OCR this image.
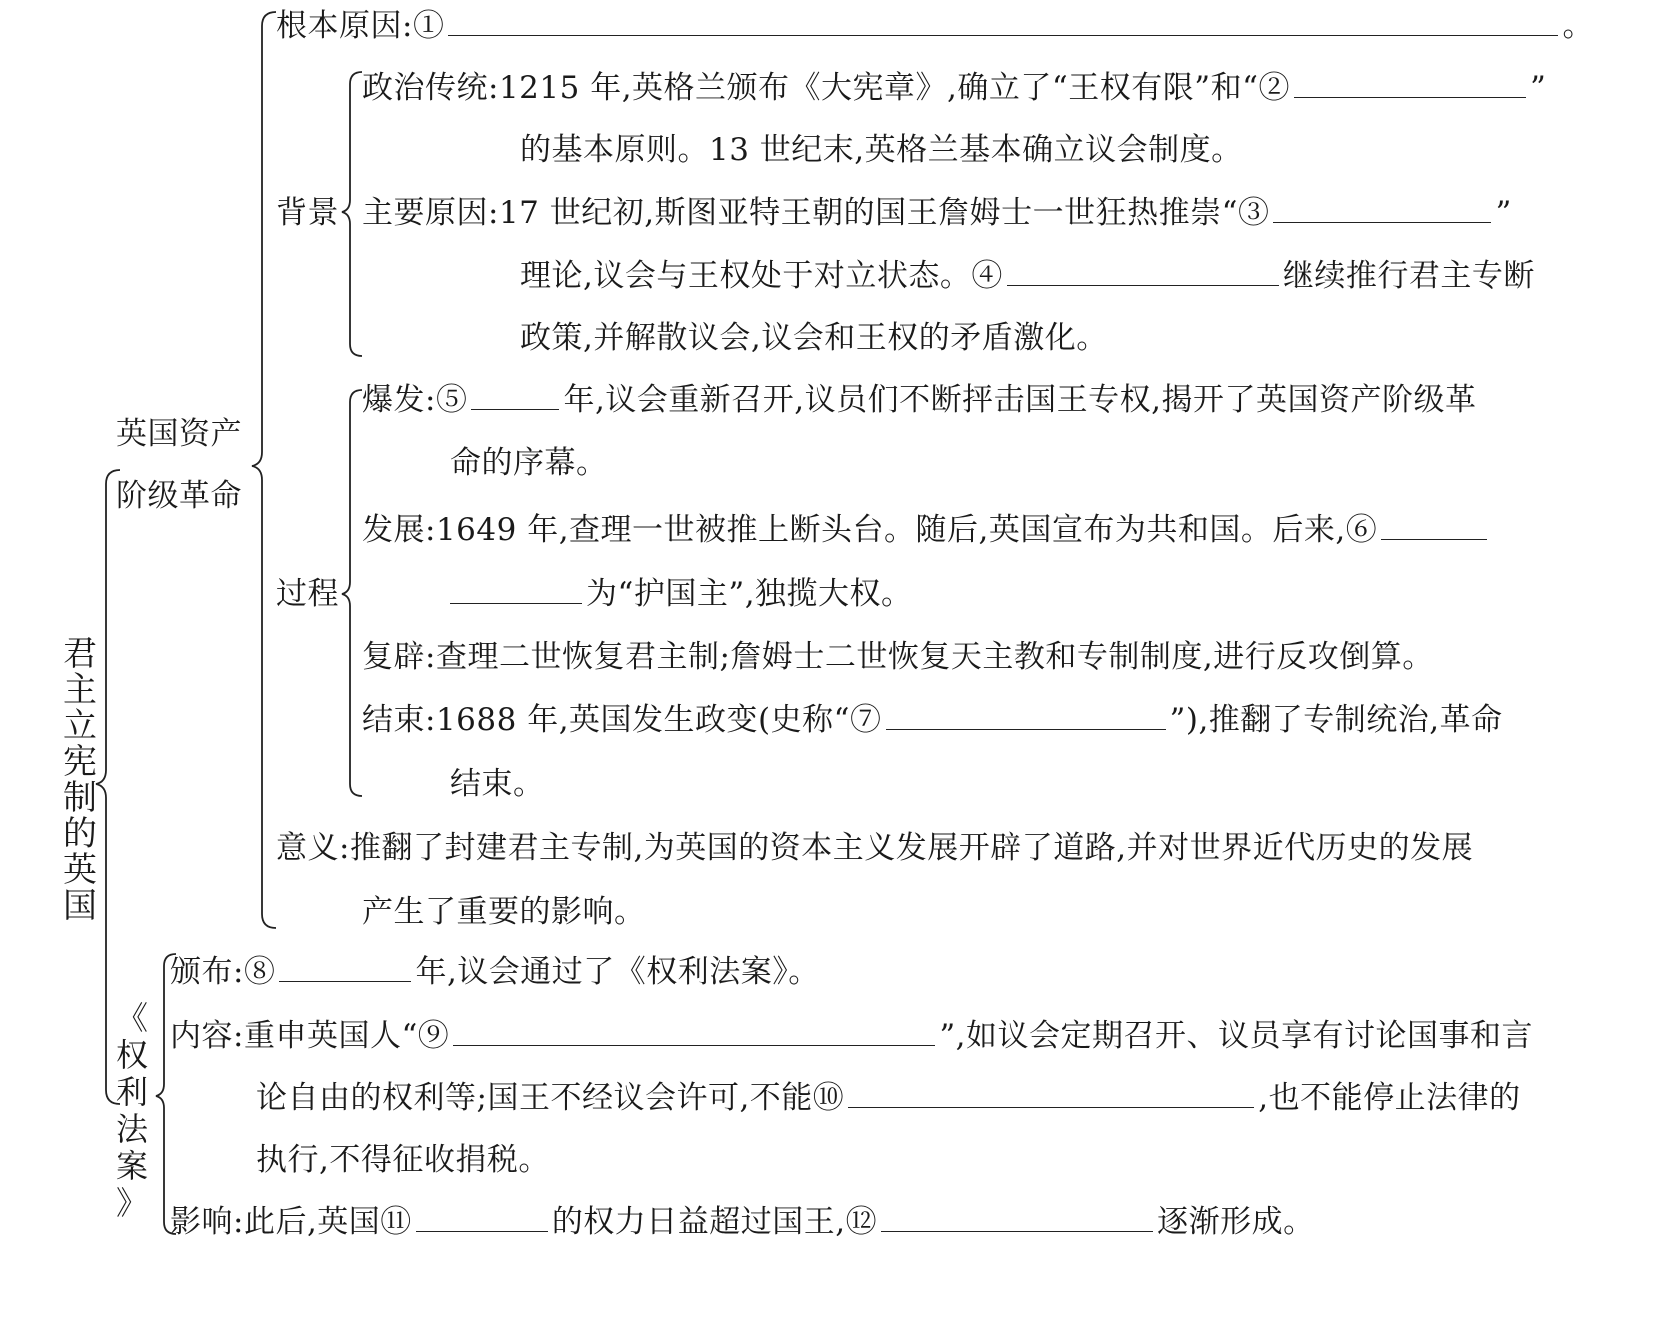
君
主
立
宪
制
的
英
国
英国资产
阶级革命
根本原因:①	。
背景
政治传统:1215 年,英格兰颁布《大宪章》,确立了“王权有限”和“②	”
的基本原则。13 世纪末,英格兰基本确立议会制度。
主要原因:17 世纪初,斯图亚特王朝的国王詹姆士一世狂热推崇“③	”
理论,议会与王权处于对立状态。④	继续推行君主专断
政策,并解散议会,议会和王权的矛盾激化。
过程
爆发:⑤	年,议会重新召开,议员们不断抨击国王专权,揭开了英国资产阶级革
命的序幕。
发展:1649 年,查理一世被推上断头台。随后,英国宣布为共和国。后来,⑥
为“护国主”,独揽大权。
复辟:查理二世恢复君主制;詹姆士二世恢复天主教和专制制度,进行反攻倒算。
结束:1688 年,英国发生政变(史称“⑦	”),推翻了专制统治,革命
结束。
意义:推翻了封建君主专制,为英国的资本主义发展开辟了道路,并对世界近代历史的发展
产生了重要的影响。
《
权
利
法
案
》
颁布:⑧	年,议会通过了《权利法案》。
内容:重申英国人“⑨	”,如议会定期召开、议员享有讨论国事和言
论自由的权利等;国王不经议会许可,不能⑩	,也不能停止法律的
执行,不得征收捐税。
影响:此后,英国⑪	的权力日益超过国王,⑫	逐渐形成。
